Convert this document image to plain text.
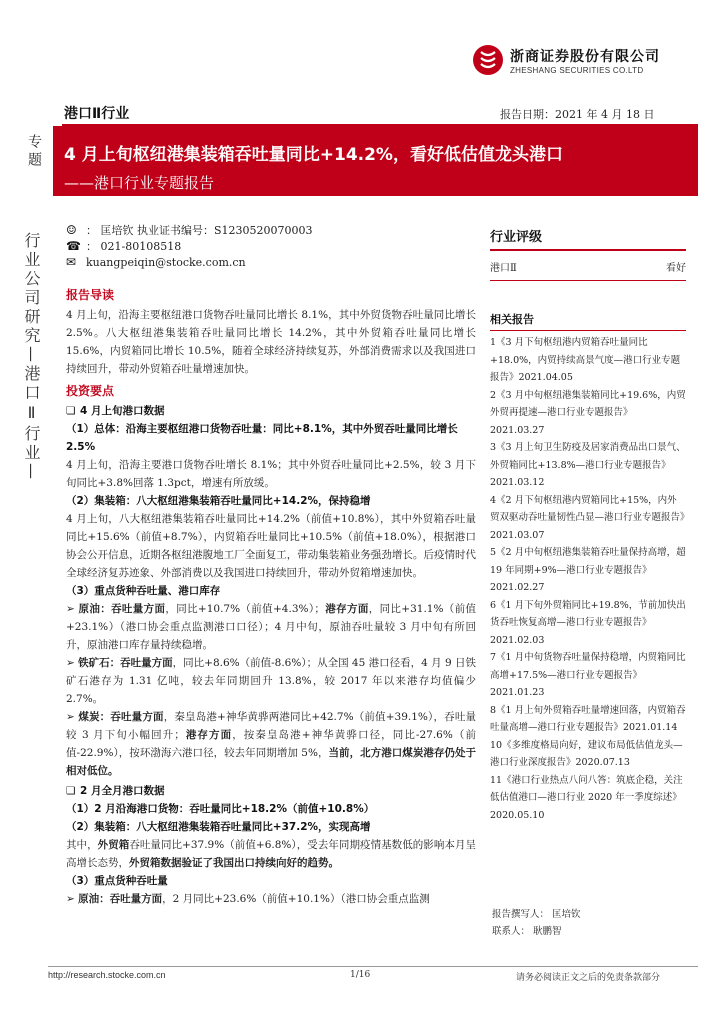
浙商证券股份有限公司
ZHESHANG SECURITIES CO.LTD
港口Ⅱ行业	报告日期：2021 年 4 月 18 日
专题 4 月上旬枢纽港集装箱吞吐量同比+14.2%，看好低估值龙头港口
——港口行业专题报告
行业公司研究—港口Ⅱ行业—
☺ ： 匡培钦 执业证书编号：S1230520070003
☎ ： 021-80108518
✉ kuangpeiqin@stocke.com.cn
报告导读
4 月上旬，沿海主要枢纽港口货物吞吐量同比增长 8.1%，其中外贸货物吞吐量同比增长 2.5%。八大枢纽港集装箱吞吐量同比增长 14.2%，其中外贸箱吞吐量同比增长 15.6%，内贸箱同比增长 10.5%，随着全球经济持续复苏，外部消费需求以及我国进口持续回升，带动外贸箱吞吐量增速加快。
投资要点
❏ 4 月上旬港口数据
（1）总体：沿海主要枢纽港口货物吞吐量：同比+8.1%，其中外贸吞吐量同比增长 2.5%
4 月上旬，沿海主要港口货物吞吐增长 8.1%；其中外贸吞吐量同比+2.5%，较 3 月下旬同比+3.8%回落 1.3pct，增速有所放缓。
（2）集装箱：八大枢纽港集装箱吞吐量同比+14.2%，保持稳增
4 月上旬，八大枢纽港集装箱吞吐量同比+14.2%（前值+10.8%），其中外贸箱吞吐量同比+15.6%（前值+8.7%），内贸箱吞吐量同比+10.5%（前值+18.0%），根据港口协会公开信息，近期各枢纽港腹地工厂全面复工，带动集装箱业务强劲增长。后疫情时代全球经济复苏迹象、外部消费以及我国进口持续回升，带动外贸箱增速加快。
（3）重点货种吞吐量、港口库存
➢ 原油：吞吐量方面，同比+10.7%（前值+4.3%）；港存方面，同比+31.1%（前值+23.1%）（港口协会重点监测港口口径）；4 月中旬，原油吞吐量较 3 月中旬有所回升，原油港口库存量持续稳增。
➢ 铁矿石：吞吐量方面，同比+8.6%（前值-8.6%）；从全国 45 港口径看，4 月 9 日铁矿石港存为 1.31 亿吨，较去年同期回升 13.8%，较 2017 年以来港存均值偏少 2.7%。
➢ 煤炭：吞吐量方面，秦皇岛港+神华黄骅两港同比+42.7%（前值+39.1%），吞吐量较 3 月下旬小幅回升；港存方面，按秦皇岛港+神华黄骅口径，同比-27.6%（前值-22.9%），按环渤海六港口径，较去年同期增加 5%，当前，北方港口煤炭港存仍处于相对低位。
❏ 2 月全月港口数据
（1）2 月沿海港口货物：吞吐量同比+18.2%（前值+10.8%）
（2）集装箱：八大枢纽港集装箱吞吐量同比+37.2%，实现高增
其中，外贸箱吞吐量同比+37.9%（前值+6.8%），受去年同期疫情基数低的影响本月呈高增长态势，外贸箱数据验证了我国出口持续向好的趋势。
（3）重点货种吞吐量
➢ 原油：吞吐量方面，2 月同比+23.6%（前值+10.1%）（港口协会重点监测
行业评级
港口Ⅱ	看好
相关报告
1《3 月下旬枢纽港内贸箱吞吐量同比+18.0%，内贸持续高景气度—港口行业专题报告》2021.04.05
2《3 月中旬枢纽港集装箱同比+19.6%，内贸外贸再提速—港口行业专题报告》2021.03.27
3《3 月上旬卫生防疫及居家消费品出口景气、外贸箱同比+13.8%—港口行业专题报告》2021.03.12
4《2 月下旬枢纽港内贸箱同比+15%，内外贸双驱动吞吐量韧性凸显—港口行业专题报告》2021.03.07
5《2 月中旬枢纽港集装箱吞吐量保持高增，超 19 年同期+9%—港口行业专题报告》2021.02.27
6《1 月下旬外贸箱同比+19.8%，节前加快出货吞吐恢复高增—港口行业专题报告》2021.02.03
7《1 月中旬货物吞吐量保持稳增，内贸箱同比高增+17.5%—港口行业专题报告》2021.01.23
8《1 月上旬外贸箱吞吐量增速回落，内贸箱吞吐量高增—港口行业专题报告》2021.01.14
10《多维度格局向好，建议布局低估值龙头—港口行业深度报告》2020.07.13
11《港口行业热点八问八答：筑底企稳，关注低估值港口—港口行业 2020 年一季度综述》2020.05.10
报告撰写人： 匡培钦
联系人： 耿鹏智
http://research.stocke.com.cn	1/16	请务必阅读正文之后的免责条款部分
